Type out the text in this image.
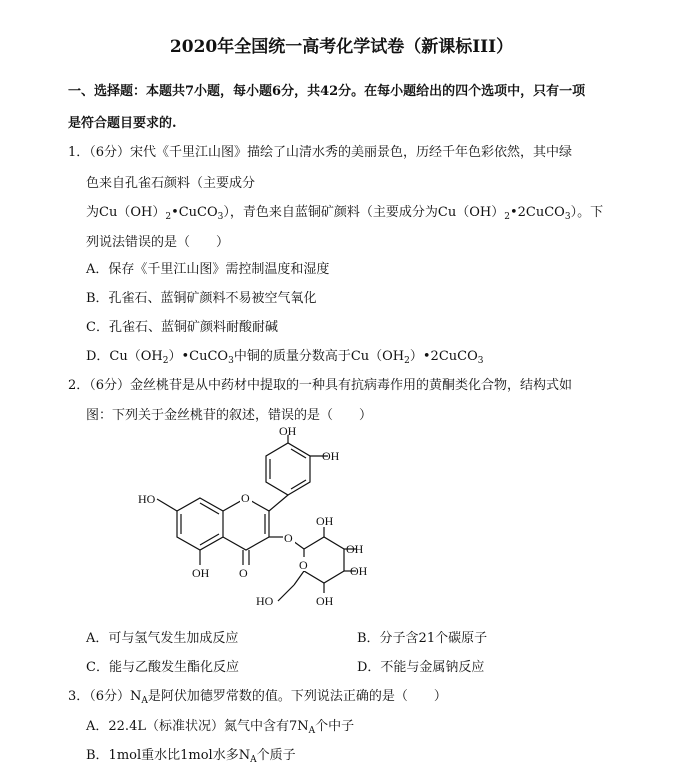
2020年全国统一高考化学试卷（新课标III）
一、选择题：本题共7小题，每小题6分，共42分。在每小题给出的四个选项中，只有一项
是符合题目要求的.
1．（6分）宋代《千里江山图》描绘了山清水秀的美丽景色，历经千年色彩依然，其中绿
色来自孔雀石颜料（主要成分
为$Cu(OH)_2•CuCO_3$），青色来自蓝铜矿颜料（主要成分为$Cu(OH)_2•2CuCO_3$）。下
列说法错误的是（　　）
A．保存《千里江山图》需控制温度和湿度
B．孔雀石、蓝铜矿颜料不易被空气氧化
C．孔雀石、蓝铜矿颜料耐酸耐碱
D．$Cu(OH_2)•CuCO_3$中铜的质量分数高于$Cu(OH_2)•2CuCO_3$
2．（6分）金丝桃苷是从中药材中提取的一种具有抗病毒作用的黄酮类化合物，结构式如
图：下列关于金丝桃苷的叙述，错误的是（　　）
O
HO
OH O
OH
OH
O
O
OH
OH
OH
OH
HO
A．可与氢气发生加成反应	B．分子含21个碳原子
C．能与乙酸发生酯化反应	D．不能与金属钠反应
3．（6分）$N_A$是阿伏加德罗常数的值。下列说法正确的是（　　）
A．22.4L（标准状况）氮气中含有$7N_A$个中子
B．1mol重水比1mol水多$N_A$个质子
